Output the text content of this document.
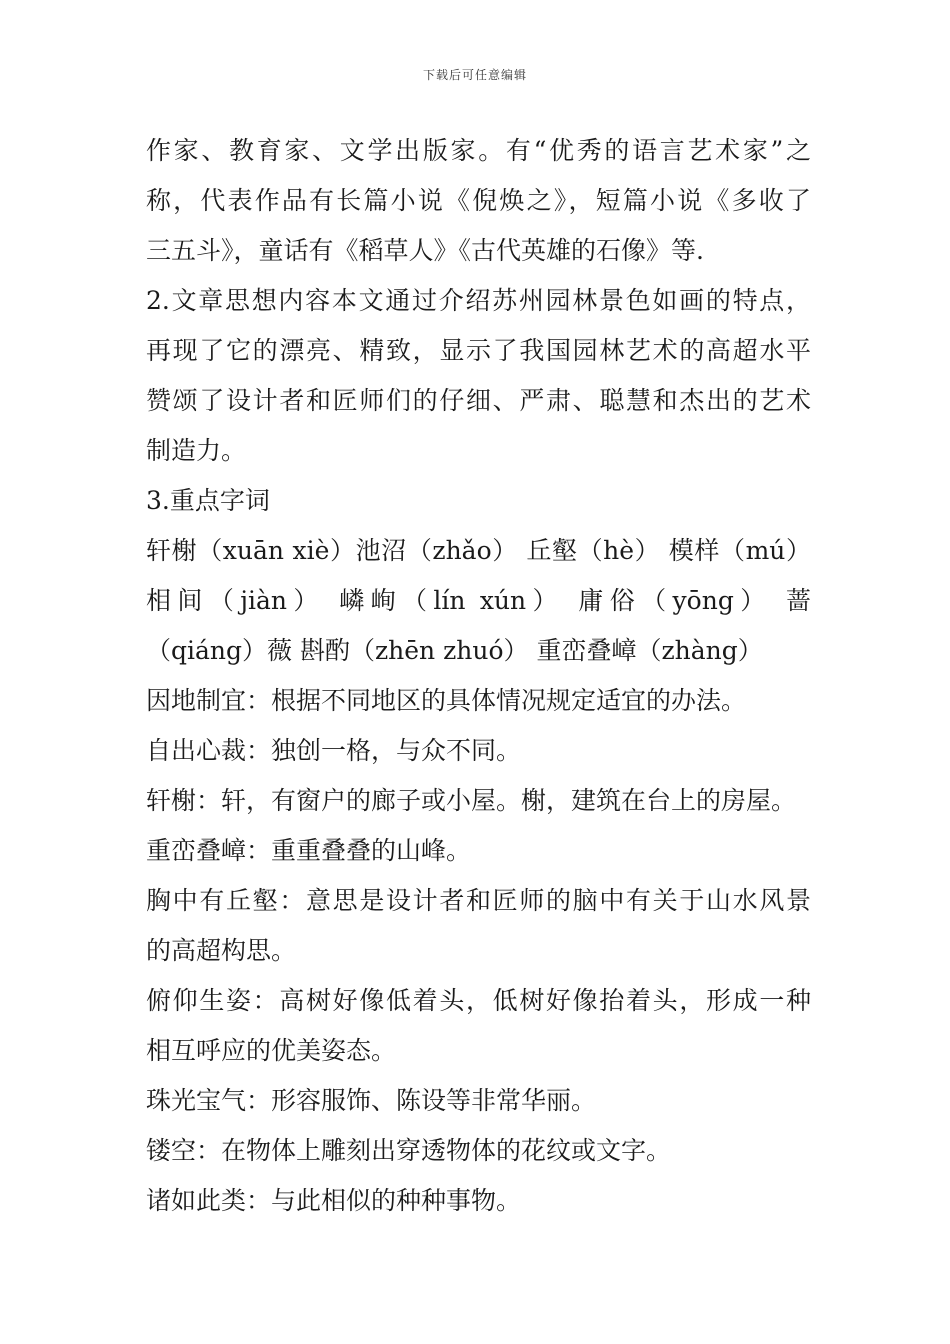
下载后可任意编辑
作家、教育家、文学出版家。有“优秀的语言艺术家”之
称，代表作品有长篇小说《倪焕之》，短篇小说《多收了
三五斗》，童话有《稻草人》《古代英雄的石像》等.
2.文章思想内容本文通过介绍苏州园林景色如画的特点，
再现了它的漂亮、精致，显示了我国园林艺术的高超水平
赞颂了设计者和匠师们的仔细、严肃、聪慧和杰出的艺术
制造力。
3.重点字词
轩榭（xuān xiè）池沼（zhǎo） 丘壑（hè） 模样（mú）
相间（jiàn） 嶙峋（lín xún） 庸俗（yōng） 蔷
（qiáng）薇 斟酌（zhēn zhuó） 重峦叠嶂（zhàng）
因地制宜：根据不同地区的具体情况规定适宜的办法。
自出心裁：独创一格，与众不同。
轩榭：轩，有窗户的廊子或小屋。榭，建筑在台上的房屋。
重峦叠嶂：重重叠叠的山峰。
胸中有丘壑：意思是设计者和匠师的脑中有关于山水风景
的高超构思。
俯仰生姿：高树好像低着头，低树好像抬着头，形成一种
相互呼应的优美姿态。
珠光宝气：形容服饰、陈设等非常华丽。
镂空：在物体上雕刻出穿透物体的花纹或文字。
诸如此类：与此相似的种种事物。
